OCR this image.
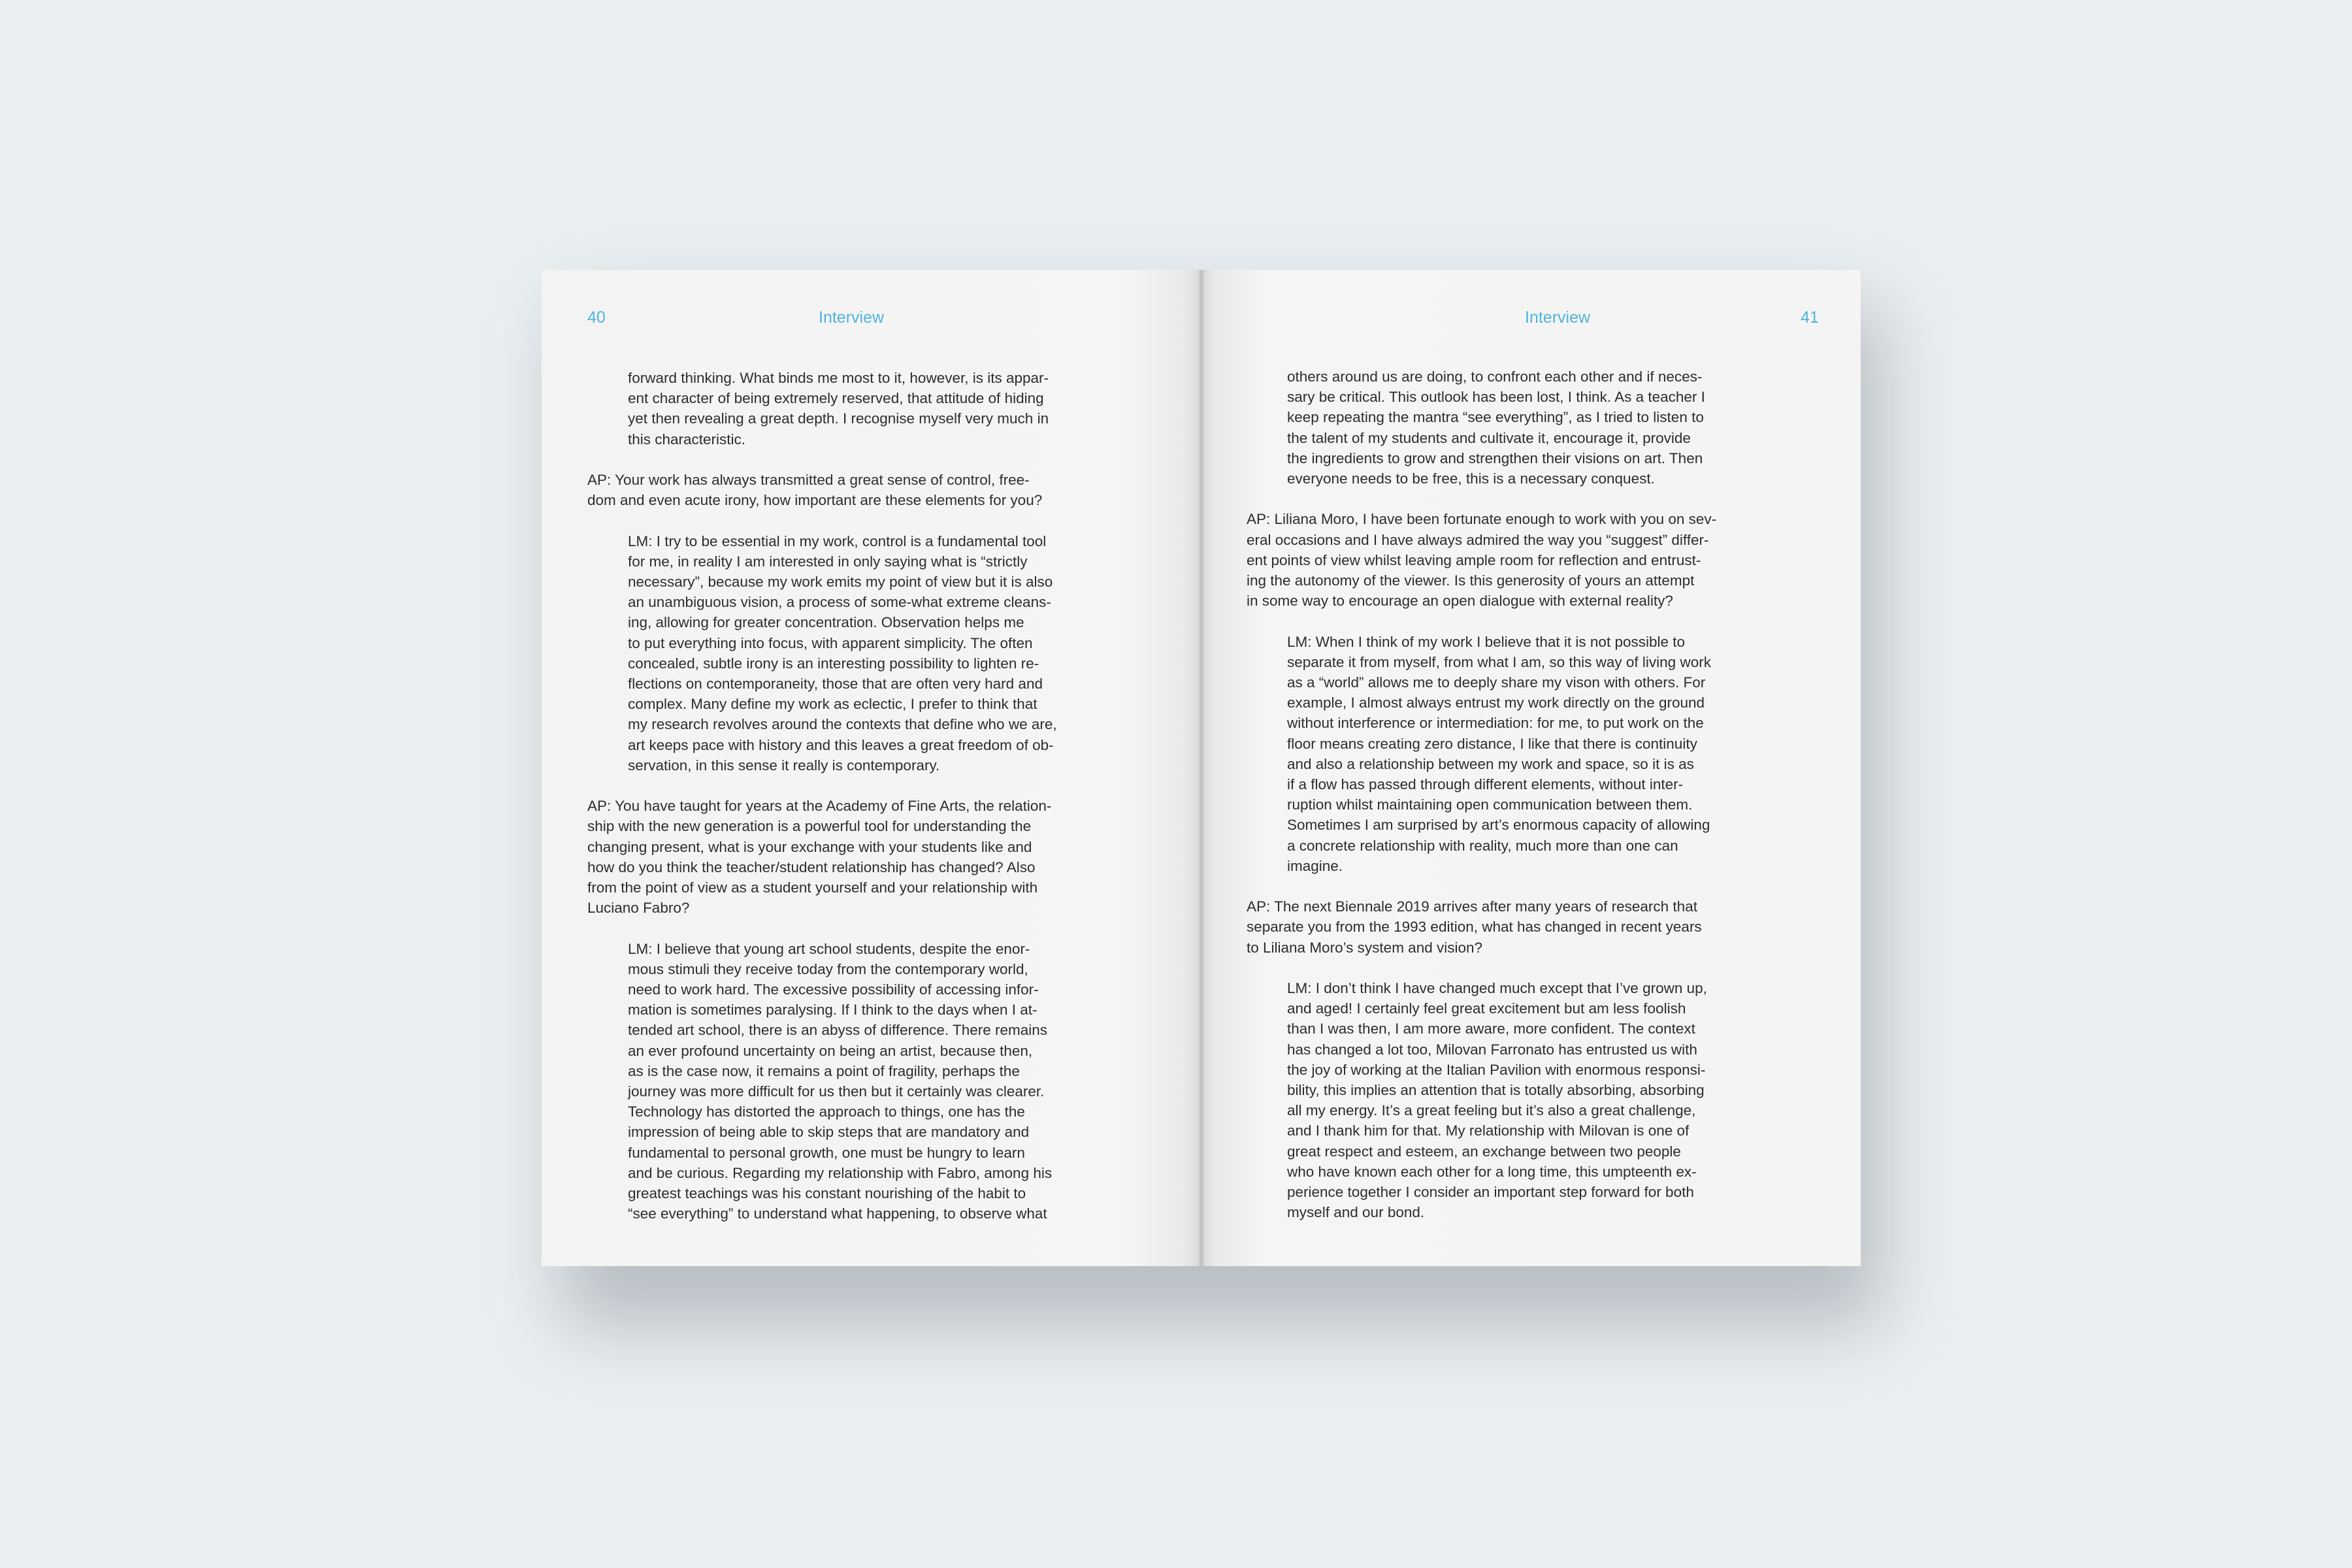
40	Interview

forward thinking. What binds me most to it, however, is its appar-
ent character of being extremely reserved, that attitude of hiding
yet then revealing a great depth. I recognise myself very much in
this characteristic.

AP: Your work has always transmitted a great sense of control, free-
dom and even acute irony, how important are these elements for you?

LM: I try to be essential in my work, control is a fundamental tool
for me, in reality I am interested in only saying what is “strictly
necessary”, because my work emits my point of view but it is also
an unambiguous vision, a process of some-what extreme cleans-
ing, allowing for greater concentration. Observation helps me
to put everything into focus, with apparent simplicity. The often
concealed, subtle irony is an interesting possibility to lighten re-
flections on contemporaneity, those that are often very hard and
complex. Many define my work as eclectic, I prefer to think that
my research revolves around the contexts that define who we are,
art keeps pace with history and this leaves a great freedom of ob-
servation, in this sense it really is contemporary.

AP: You have taught for years at the Academy of Fine Arts, the relation-
ship with the new generation is a powerful tool for understanding the
changing present, what is your exchange with your students like and
how do you think the teacher/student relationship has changed? Also
from the point of view as a student yourself and your relationship with
Luciano Fabro?

LM: I believe that young art school students, despite the enor-
mous stimuli they receive today from the contemporary world,
need to work hard. The excessive possibility of accessing infor-
mation is sometimes paralysing. If I think to the days when I at-
tended art school, there is an abyss of difference. There remains
an ever profound uncertainty on being an artist, because then,
as is the case now, it remains a point of fragility, perhaps the
journey was more difficult for us then but it certainly was clearer.
Technology has distorted the approach to things, one has the
impression of being able to skip steps that are mandatory and
fundamental to personal growth, one must be hungry to learn
and be curious. Regarding my relationship with Fabro, among his
greatest teachings was his constant nourishing of the habit to
“see everything” to understand what happening, to observe what

41
Interview

others around us are doing, to confront each other and if neces-
sary be critical. This outlook has been lost, I think. As a teacher I
keep repeating the mantra “see everything”, as I tried to listen to
the talent of my students and cultivate it, encourage it, provide
the ingredients to grow and strengthen their visions on art. Then
everyone needs to be free, this is a necessary conquest.

AP: Liliana Moro, I have been fortunate enough to work with you on sev-
eral occasions and I have always admired the way you “suggest” differ-
ent points of view whilst leaving ample room for reflection and entrust-
ing the autonomy of the viewer. Is this generosity of yours an attempt
in some way to encourage an open dialogue with external reality?

LM: When I think of my work I believe that it is not possible to
separate it from myself, from what I am, so this way of living work
as a “world” allows me to deeply share my vison with others. For
example, I almost always entrust my work directly on the ground
without interference or intermediation: for me, to put work on the
floor means creating zero distance, I like that there is continuity
and also a relationship between my work and space, so it is as
if a flow has passed through different elements, without inter-
ruption whilst maintaining open communication between them.
Sometimes I am surprised by art’s enormous capacity of allowing
a concrete relationship with reality, much more than one can
imagine.

AP: The next Biennale 2019 arrives after many years of research that
separate you from the 1993 edition, what has changed in recent years
to Liliana Moro’s system and vision?

LM: I don’t think I have changed much except that I’ve grown up,
and aged! I certainly feel great excitement but am less foolish
than I was then, I am more aware, more confident. The context
has changed a lot too, Milovan Farronato has entrusted us with
the joy of working at the Italian Pavilion with enormous responsi-
bility, this implies an attention that is totally absorbing, absorbing
all my energy. It’s a great feeling but it’s also a great challenge,
and I thank him for that. My relationship with Milovan is one of
great respect and esteem, an exchange between two people
who have known each other for a long time, this umpteenth ex-
perience together I consider an important step forward for both
myself and our bond.
